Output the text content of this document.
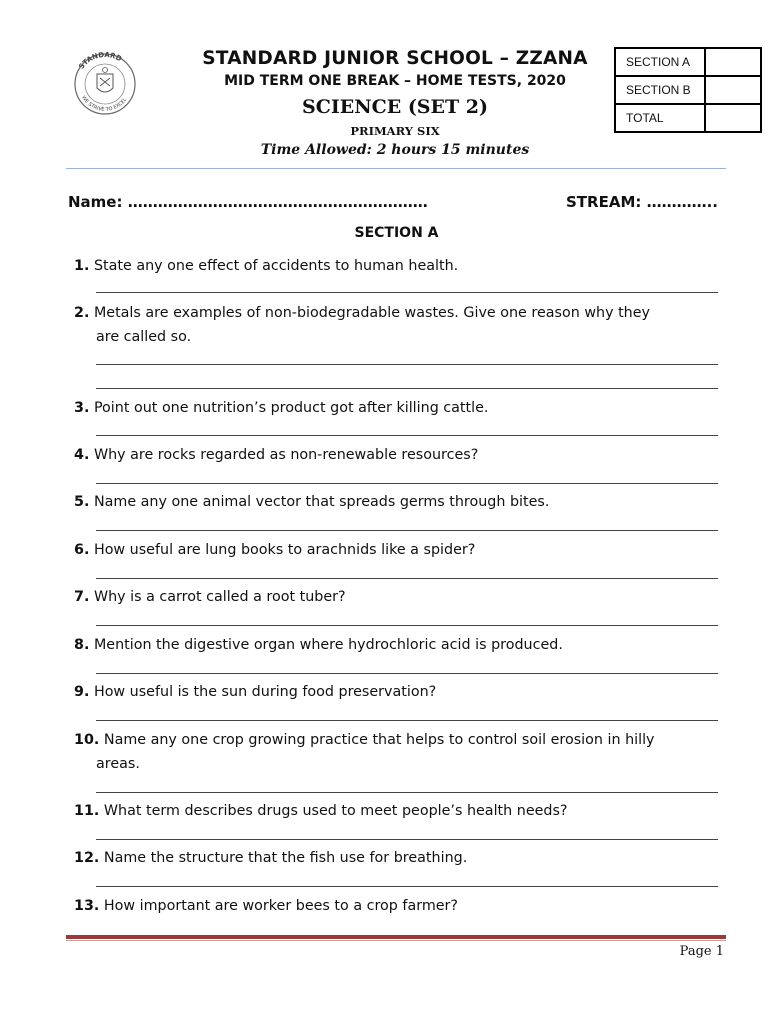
STANDARD
WE STRIVE TO EXCEL
STANDARD JUNIOR SCHOOL – ZZANA
MID TERM ONE BREAK – HOME TESTS, 2020
SCIENCE (SET 2)
PRIMARY SIX
Time Allowed: 2 hours 15 minutes
SECTION A	
SECTION B	
TOTAL	
Name: ……………………………………………………	STREAM: …………..
SECTION A
1. State any one effect of accidents to human health.
2. Metals are examples of non-biodegradable wastes. Give one reason why they
are called so.
3. Point out one nutrition’s product got after killing cattle.
4. Why are rocks regarded as non-renewable resources?
5. Name any one animal vector that spreads germs through bites.
6. How useful are lung books to arachnids like a spider?
7. Why is a carrot called a root tuber?
8. Mention the digestive organ where hydrochloric acid is produced.
9. How useful is the sun during food preservation?
10. Name any one crop growing practice that helps to control soil erosion in hilly
areas.
11. What term describes drugs used to meet people’s health needs?
12. Name the structure that the fish use for breathing.
13. How important are worker bees to a crop farmer?
Page 1
